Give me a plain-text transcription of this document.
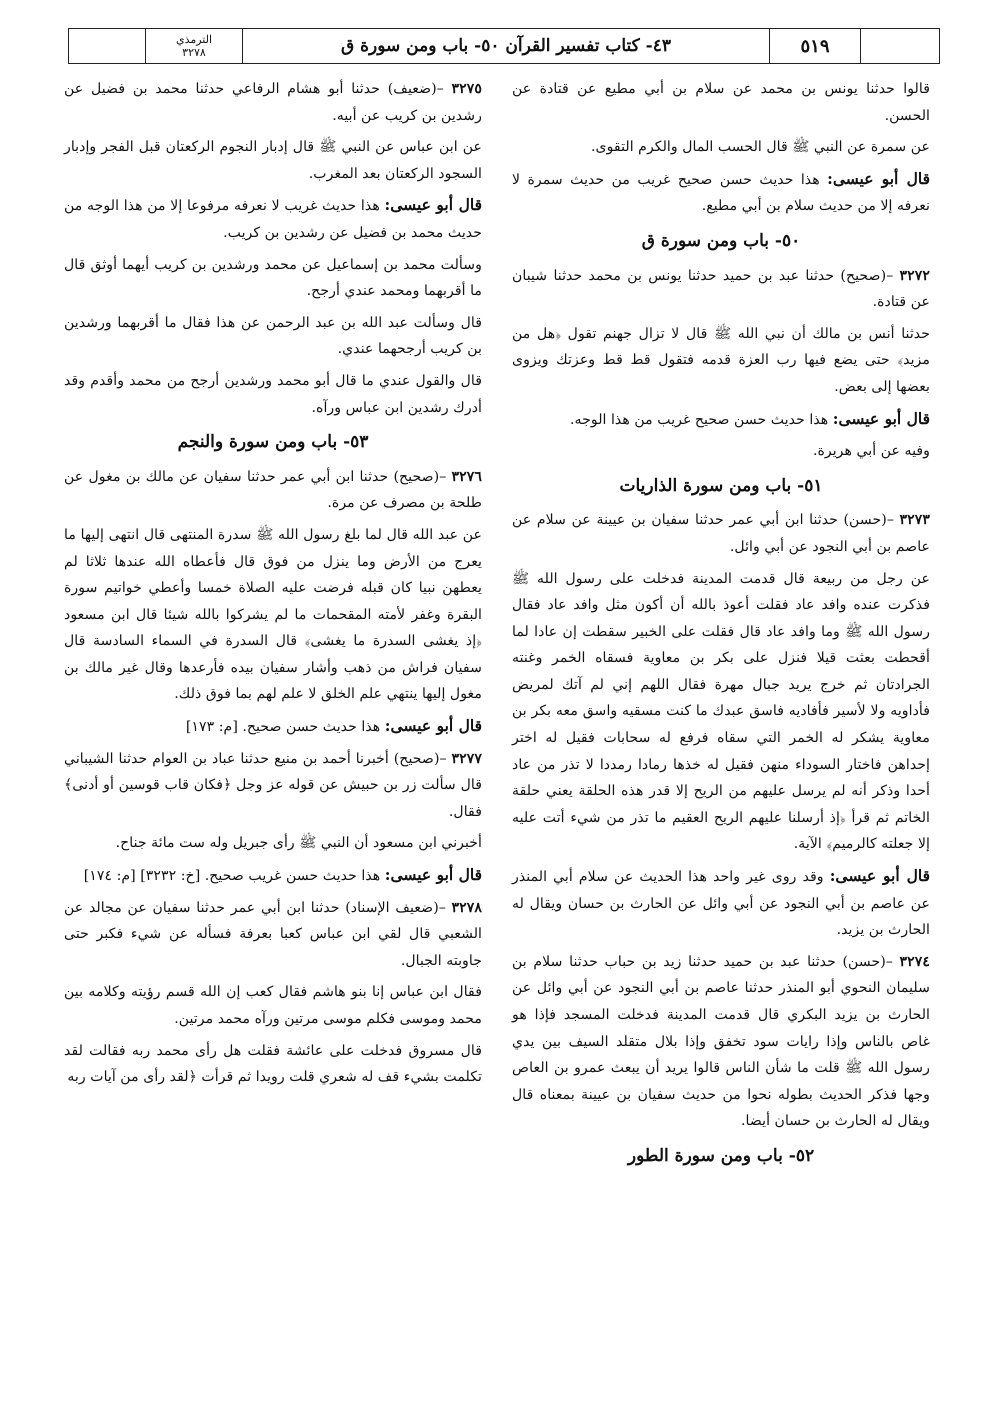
الترمذي
٣٢٧٨	٤٣- كتاب تفسير القرآن ٥٠- باب ومن سورة ق	٥١٩

قالوا حدثنا يونس بن محمد عن سلام بن أبي مطيع عن قتادة عن الحسن.

عن سمرة عن النبي ﷺ قال الحسب المال والكرم التقوى.

قال أبو عيسى: هذا حديث حسن صحيح غريب من حديث سمرة لا نعرفه إلا من حديث سلام بن أبي مطيع.

٥٠- باب ومن سورة ق

٣٢٧٢ –(صحيح) حدثنا عبد بن حميد حدثنا يونس بن محمد حدثنا شيبان عن قتادة.

حدثنا أنس بن مالك أن نبي الله ﷺ قال لا تزال جهنم تقول ﴿هل من مزيد﴾ حتى يضع فيها رب العزة قدمه فتقول قط قط وعزتك ويزوى بعضها إلى بعض.

قال أبو عيسى: هذا حديث حسن صحيح غريب من هذا الوجه.

وفيه عن أبي هريرة.

٥١- باب ومن سورة الذاريات

٣٢٧٣ –(حسن) حدثنا ابن أبي عمر حدثنا سفيان بن عيينة عن سلام عن عاصم بن أبي النجود عن أبي وائل.

عن رجل من ربيعة قال قدمت المدينة فدخلت على رسول الله ﷺ فذكرت عنده وافد عاد فقلت أعوذ بالله أن أكون مثل وافد عاد فقال رسول الله ﷺ وما وافد عاد قال فقلت على الخبير سقطت إن عادا لما أقحطت بعثت قيلا فنزل على بكر بن معاوية فسقاه الخمر وغنته الجرادتان ثم خرج يريد جبال مهرة فقال اللهم إني لم آتك لمريض فأداويه ولا لأسير فأفاديه فاسق عبدك ما كنت مسقيه واسق معه بكر بن معاوية يشكر له الخمر التي سقاه فرفع له سحابات فقيل له اختر إحداهن فاختار السوداء منهن فقيل له خذها رمادا رمددا لا تذر من عاد أحدا وذكر أنه لم يرسل عليهم من الريح إلا قدر هذه الحلقة يعني حلقة الخاتم ثم قرأ ﴿إذ أرسلنا عليهم الريح العقيم ما تذر من شيء أتت عليه إلا جعلته كالرميم﴾ الآية.

قال أبو عيسى: وقد روى غير واحد هذا الحديث عن سلام أبي المنذر عن عاصم بن أبي النجود عن أبي وائل عن الحارث بن حسان ويقال له الحارث بن يزيد.

٣٢٧٤ –(حسن) حدثنا عبد بن حميد حدثنا زيد بن حباب حدثنا سلام بن سليمان النحوي أبو المنذر حدثنا عاصم بن أبي النجود عن أبي وائل عن الحارث بن يزيد البكري قال قدمت المدينة فدخلت المسجد فإذا هو غاص بالناس وإذا رايات سود تخفق وإذا بلال متقلد السيف بين يدي رسول الله ﷺ قلت ما شأن الناس قالوا يريد أن يبعث عمرو بن العاص وجها فذكر الحديث بطوله نحوا من حديث سفيان بن عيينة بمعناه قال ويقال له الحارث بن حسان أيضا.

٥٢- باب ومن سورة الطور

٣٢٧٥ –(ضعيف) حدثنا أبو هشام الرفاعي حدثنا محمد بن فضيل عن رشدين بن كريب عن أبيه.

عن ابن عباس عن النبي ﷺ قال إدبار النجوم الركعتان قبل الفجر وإدبار السجود الركعتان بعد المغرب.

قال أبو عيسى: هذا حديث غريب لا نعرفه مرفوعا إلا من هذا الوجه من حديث محمد بن فضيل عن رشدين بن كريب.

وسألت محمد بن إسماعيل عن محمد ورشدين بن كريب أيهما أوثق قال ما أقربهما ومحمد عندي أرجح.

قال وسألت عبد الله بن عبد الرحمن عن هذا فقال ما أقربهما ورشدين بن كريب أرجحهما عندي.

قال والقول عندي ما قال أبو محمد ورشدين أرجح من محمد وأقدم وقد أدرك رشدين ابن عباس ورآه.

٥٣- باب ومن سورة والنجم

٣٢٧٦ –(صحيح) حدثنا ابن أبي عمر حدثنا سفيان عن مالك بن مغول عن طلحة بن مصرف عن مرة.

عن عبد الله قال لما بلغ رسول الله ﷺ سدرة المنتهى قال انتهى إليها ما يعرج من الأرض وما ينزل من فوق قال فأعطاه الله عندها ثلاثا لم يعطهن نبيا كان قبله فرضت عليه الصلاة خمسا وأعطي خواتيم سورة البقرة وغفر لأمته المقحمات ما لم يشركوا بالله شيئا قال ابن مسعود ﴿إذ يغشى السدرة ما يغشى﴾ قال السدرة في السماء السادسة قال سفيان فراش من ذهب وأشار سفيان بيده فأرعدها وقال غير مالك بن مغول إليها ينتهي علم الخلق لا علم لهم بما فوق ذلك.

قال أبو عيسى: هذا حديث حسن صحيح. [م: ١٧٣]

٣٢٧٧ –(صحيح) أخبرنا أحمد بن منيع حدثنا عباد بن العوام حدثنا الشيباني قال سألت زر بن حبيش عن قوله عز وجل ﴿فكان قاب قوسين أو أدنى﴾ فقال.

أخبرني ابن مسعود أن النبي ﷺ رأى جبريل وله ست مائة جناح.

قال أبو عيسى: هذا حديث حسن غريب صحيح. [خ: ٣٢٣٢] [م: ١٧٤]

٣٢٧٨ –(ضعيف الإسناد) حدثنا ابن أبي عمر حدثنا سفيان عن مجالد عن الشعبي قال لقي ابن عباس كعبا بعرفة فسأله عن شيء فكبر حتى جاوبته الجبال.

فقال ابن عباس إنا بنو هاشم فقال كعب إن الله قسم رؤيته وكلامه بين محمد وموسى فكلم موسى مرتين ورآه محمد مرتين.

قال مسروق فدخلت على عائشة فقلت هل رأى محمد ربه فقالت لقد تكلمت بشيء قف له شعري قلت رويدا ثم قرأت ﴿لقد رأى من آيات ربه
